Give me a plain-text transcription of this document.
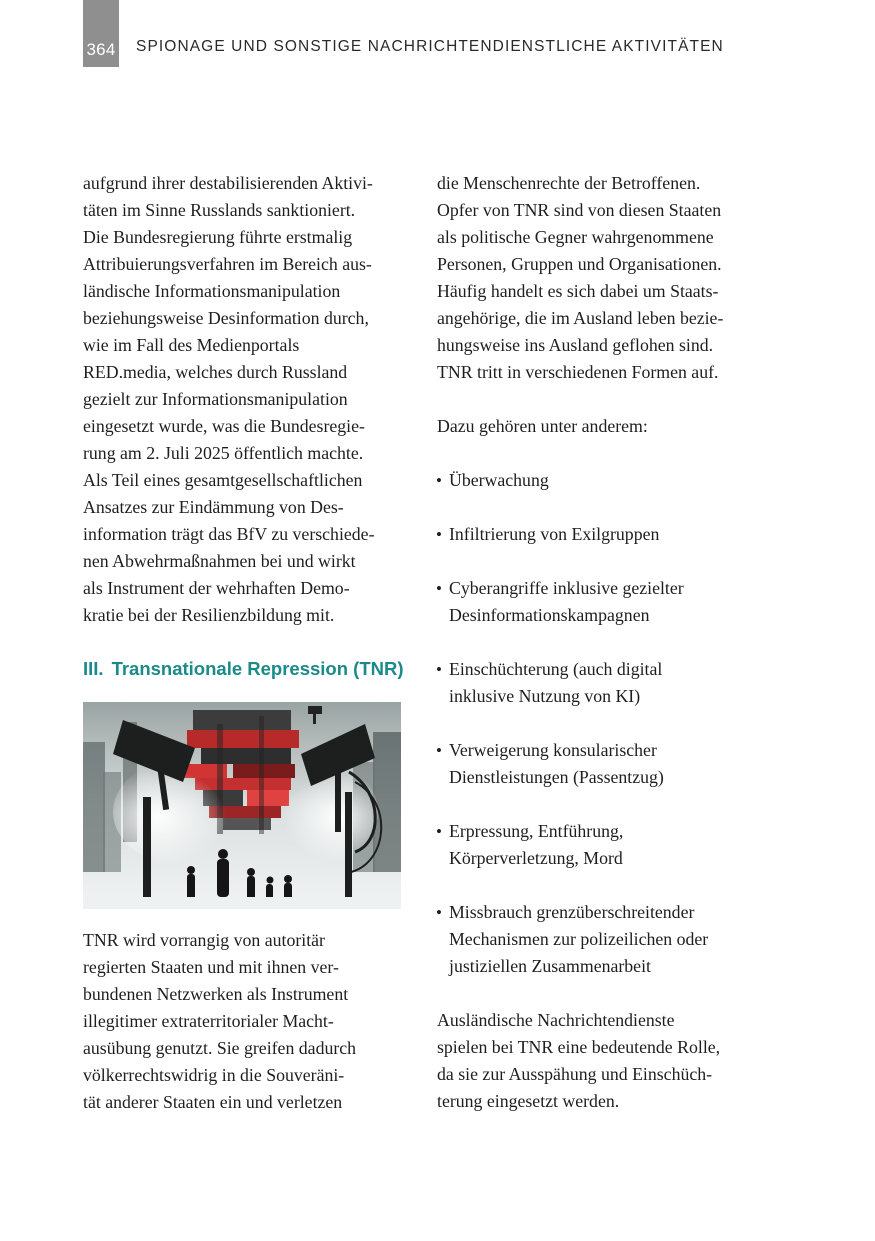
364 SPIONAGE UND SONSTIGE NACHRICHTENDIENSTLICHE AKTIVITÄTEN
aufgrund ihrer destabilisierenden Aktivi-
täten im Sinne Russlands sanktioniert.
Die Bundesregierung führte erstmalig
Attribuierungsverfahren im Bereich aus-
ländische Informationsmanipulation
beziehungsweise Desinformation durch,
wie im Fall des Medienportals
RED.media, welches durch Russland
gezielt zur Informationsmanipulation
eingesetzt wurde, was die Bundesregie-
rung am 2. Juli 2025 öffentlich machte.
Als Teil eines gesamtgesellschaftlichen
Ansatzes zur Eindämmung von Des-
information trägt das BfV zu verschiede-
nen Abwehrmaßnahmen bei und wirkt
als Instrument der wehrhaften Demo-
kratie bei der Resilienzbildung mit.
III. Transnationale Repression (TNR)
TNR wird vorrangig von autoritär
regierten Staaten und mit ihnen ver-
bundenen Netzwerken als Instrument
illegitimer extraterritorialer Macht-
ausübung genutzt. Sie greifen dadurch
völkerrechtswidrig in die Souveräni-
tät anderer Staaten ein und verletzen
die Menschenrechte der Betroffenen.
Opfer von TNR sind von diesen Staaten
als politische Gegner wahrgenommene
Personen, Gruppen und Organisationen.
Häufig handelt es sich dabei um Staats-
angehörige, die im Ausland leben bezie-
hungsweise ins Ausland geflohen sind.
TNR tritt in verschiedenen Formen auf.
Dazu gehören unter anderem:
• Überwachung
• Infiltrierung von Exilgruppen
• Cyberangriffe inklusive gezielter
Desinformationskampagnen
• Einschüchterung (auch digital
inklusive Nutzung von KI)
• Verweigerung konsularischer
Dienstleistungen (Passentzug)
• Erpressung, Entführung,
Körperverletzung, Mord
• Missbrauch grenzüberschreitender
Mechanismen zur polizeilichen oder
justiziellen Zusammenarbeit
Ausländische Nachrichtendienste
spielen bei TNR eine bedeutende Rolle,
da sie zur Ausspähung und Einschüch-
terung eingesetzt werden.
